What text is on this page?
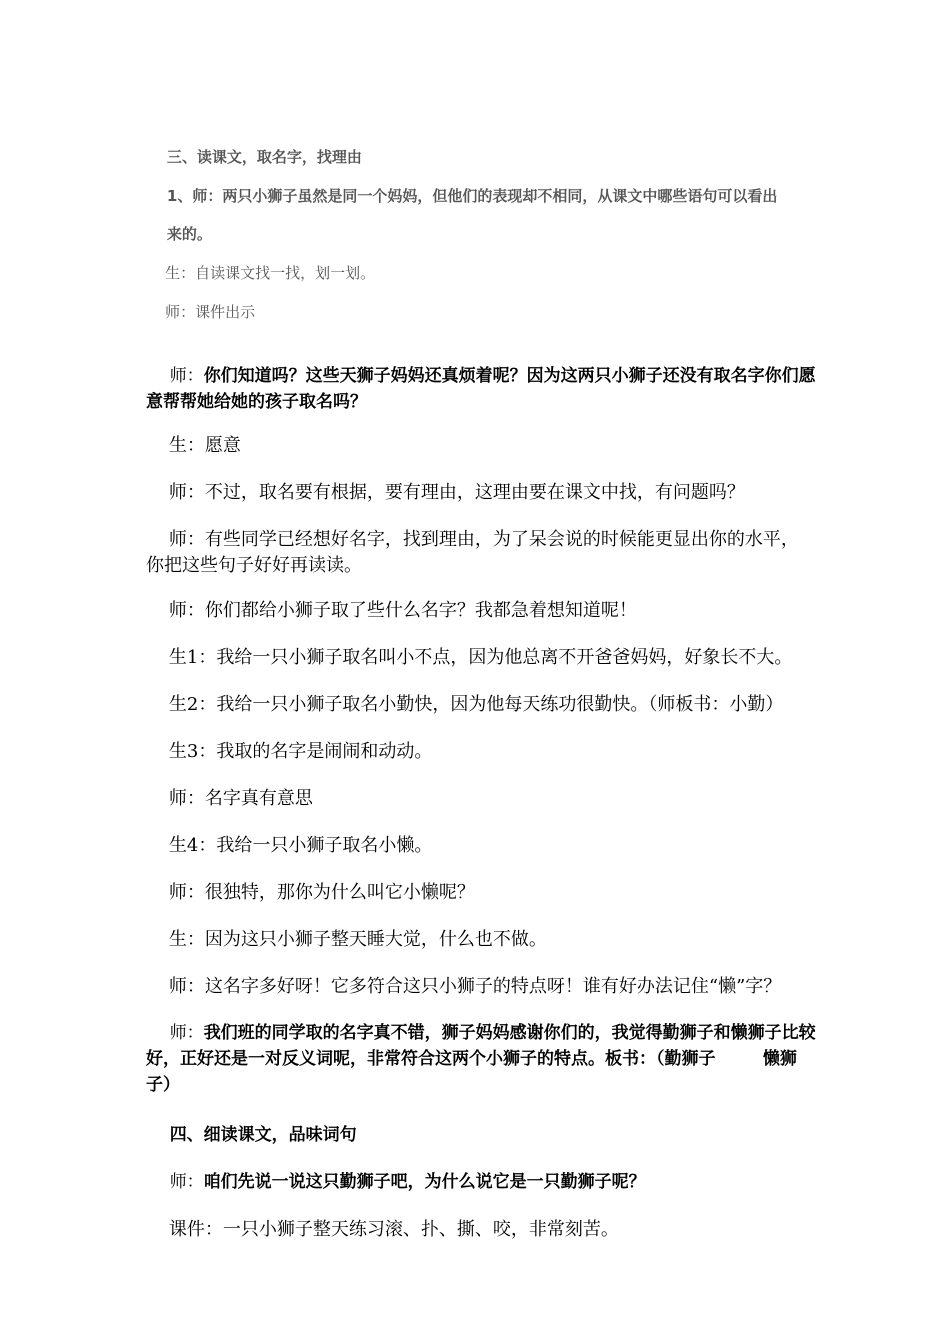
三、读课文，取名字，找理由

1、师：两只小狮子虽然是同一个妈妈，但他们的表现却不相同，从课文中哪些语句可以看出

来的。

生：自读课文找一找，划一划。

师：课件出示

师：你们知道吗？这些天狮子妈妈还真烦着呢？因为这两只小狮子还没有取名字你们愿意帮帮她给她的孩子取名吗？

生：愿意

师：不过，取名要有根据，要有理由，这理由要在课文中找，有问题吗？

师：有些同学已经想好名字，找到理由，为了呆会说的时候能更显出你的水平，你把这些句子好好再读读。

师：你们都给小狮子取了些什么名字？我都急着想知道呢！

生1：我给一只小狮子取名叫小不点，因为他总离不开爸爸妈妈，好象长不大。

生2：我给一只小狮子取名小勤快，因为他每天练功很勤快。（师板书：小勤）

生3：我取的名字是闹闹和动动。

师：名字真有意思

生4：我给一只小狮子取名小懒。

师：很独特，那你为什么叫它小懒呢？

生：因为这只小狮子整天睡大觉，什么也不做。

师：这名字多好呀！它多符合这只小狮子的特点呀！谁有好办法记住“懒”字？

师：我们班的同学取的名字真不错，狮子妈妈感谢你们的，我觉得勤狮子和懒狮子比较好，正好还是一对反义词呢，非常符合这两个小狮子的特点。板书：（勤狮子        懒狮子）

四、细读课文，品味词句

师：咱们先说一说这只勤狮子吧，为什么说它是一只勤狮子呢？

课件：一只小狮子整天练习滚、扑、撕、咬，非常刻苦。
